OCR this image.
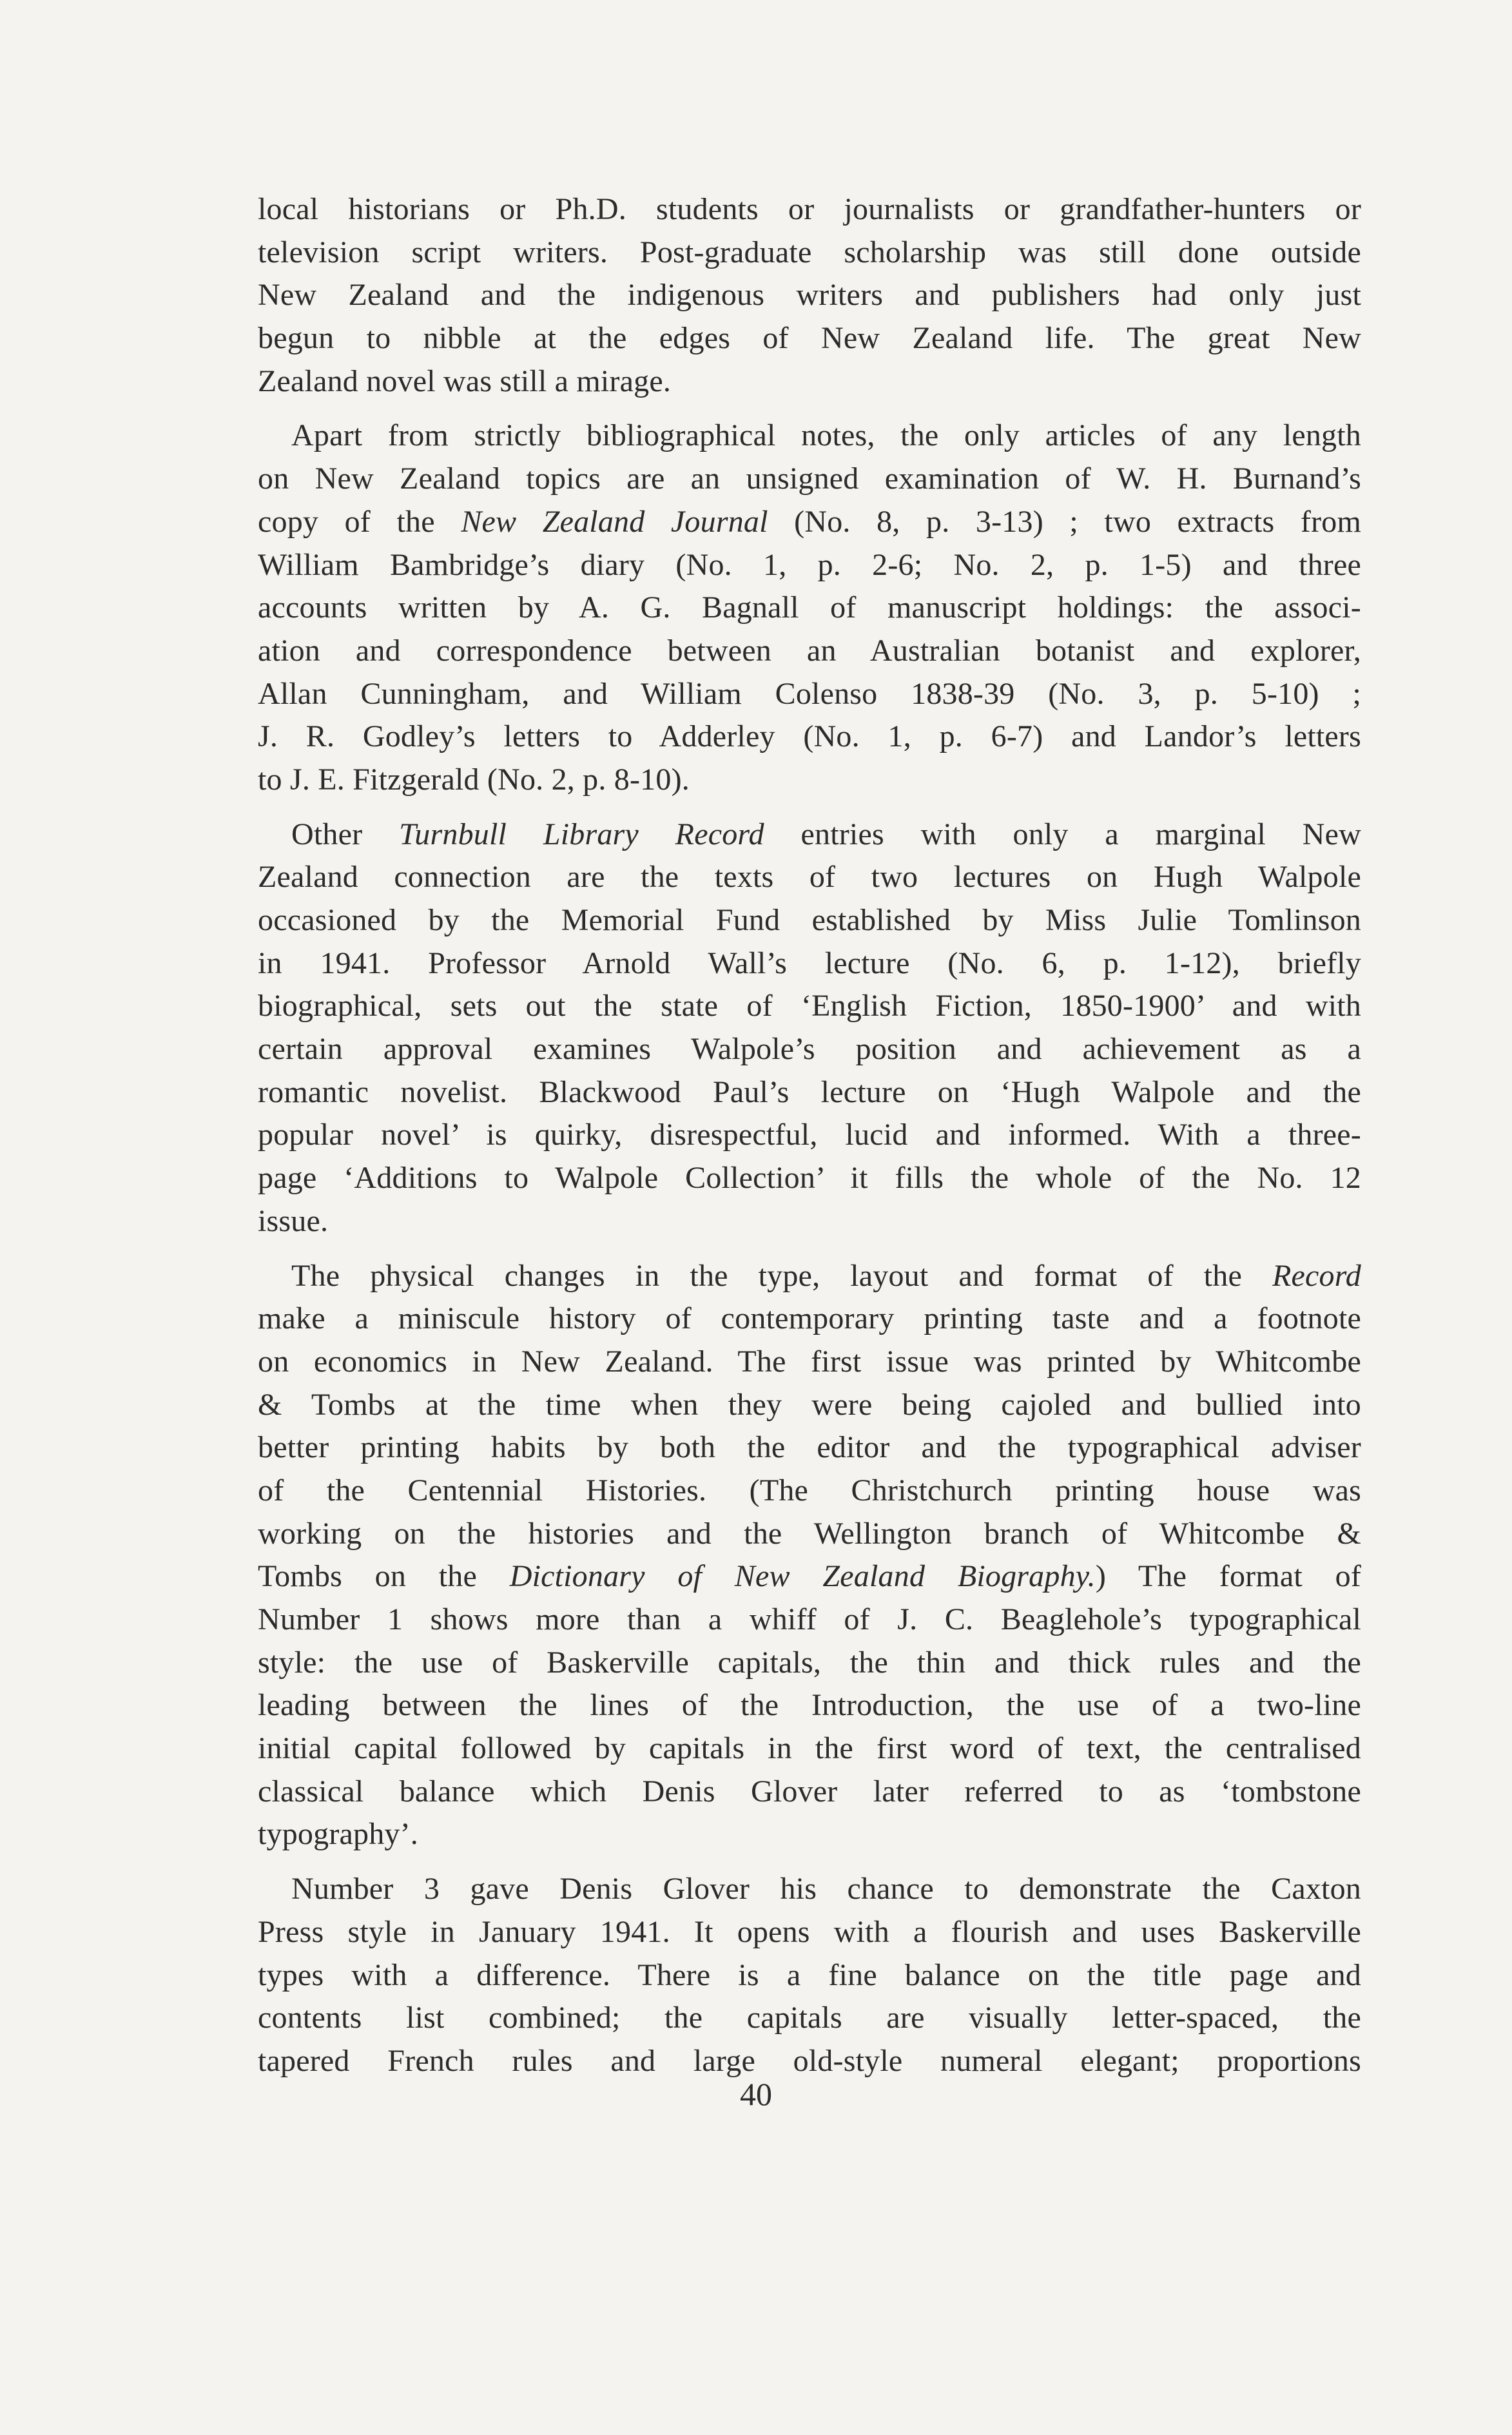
local historians or Ph.D. students or journalists or grandfather-hunters or
television script writers. Post-graduate scholarship was still done outside
New Zealand and the indigenous writers and publishers had only just
begun to nibble at the edges of New Zealand life. The great New
Zealand novel was still a mirage.
Apart from strictly bibliographical notes, the only articles of any length
on New Zealand topics are an unsigned examination of W. H. Burnand’s
copy of the New Zealand Journal (No. 8, p. 3-13) ; two extracts from
William Bambridge’s diary (No. 1, p. 2-6; No. 2, p. 1-5) and three
accounts written by A. G. Bagnall of manuscript holdings: the associ-
ation and correspondence between an Australian botanist and explorer,
Allan Cunningham, and William Colenso 1838-39 (No. 3, p. 5-10) ;
J. R. Godley’s letters to Adderley (No. 1, p. 6-7) and Landor’s letters
to J. E. Fitzgerald (No. 2, p. 8-10).
Other Turnbull Library Record entries with only a marginal New
Zealand connection are the texts of two lectures on Hugh Walpole
occasioned by the Memorial Fund established by Miss Julie Tomlinson
in 1941. Professor Arnold Wall’s lecture (No. 6, p. 1-12), briefly
biographical, sets out the state of ‘English Fiction, 1850-1900’ and with
certain approval examines Walpole’s position and achievement as a
romantic novelist. Blackwood Paul’s lecture on ‘Hugh Walpole and the
popular novel’ is quirky, disrespectful, lucid and informed. With a three-
page ‘Additions to Walpole Collection’ it fills the whole of the No. 12
issue.
The physical changes in the type, layout and format of the Record
make a miniscule history of contemporary printing taste and a footnote
on economics in New Zealand. The first issue was printed by Whitcombe
& Tombs at the time when they were being cajoled and bullied into
better printing habits by both the editor and the typographical adviser
of the Centennial Histories. (The Christchurch printing house was
working on the histories and the Wellington branch of Whitcombe &
Tombs on the Dictionary of New Zealand Biography.) The format of
Number 1 shows more than a whiff of J. C. Beaglehole’s typographical
style: the use of Baskerville capitals, the thin and thick rules and the
leading between the lines of the Introduction, the use of a two-line
initial capital followed by capitals in the first word of text, the centralised
classical balance which Denis Glover later referred to as ‘tombstone
typography’.
Number 3 gave Denis Glover his chance to demonstrate the Caxton
Press style in January 1941. It opens with a flourish and uses Baskerville
types with a difference. There is a fine balance on the title page and
contents list combined; the capitals are visually letter-spaced, the
tapered French rules and large old-style numeral elegant; proportions
40
